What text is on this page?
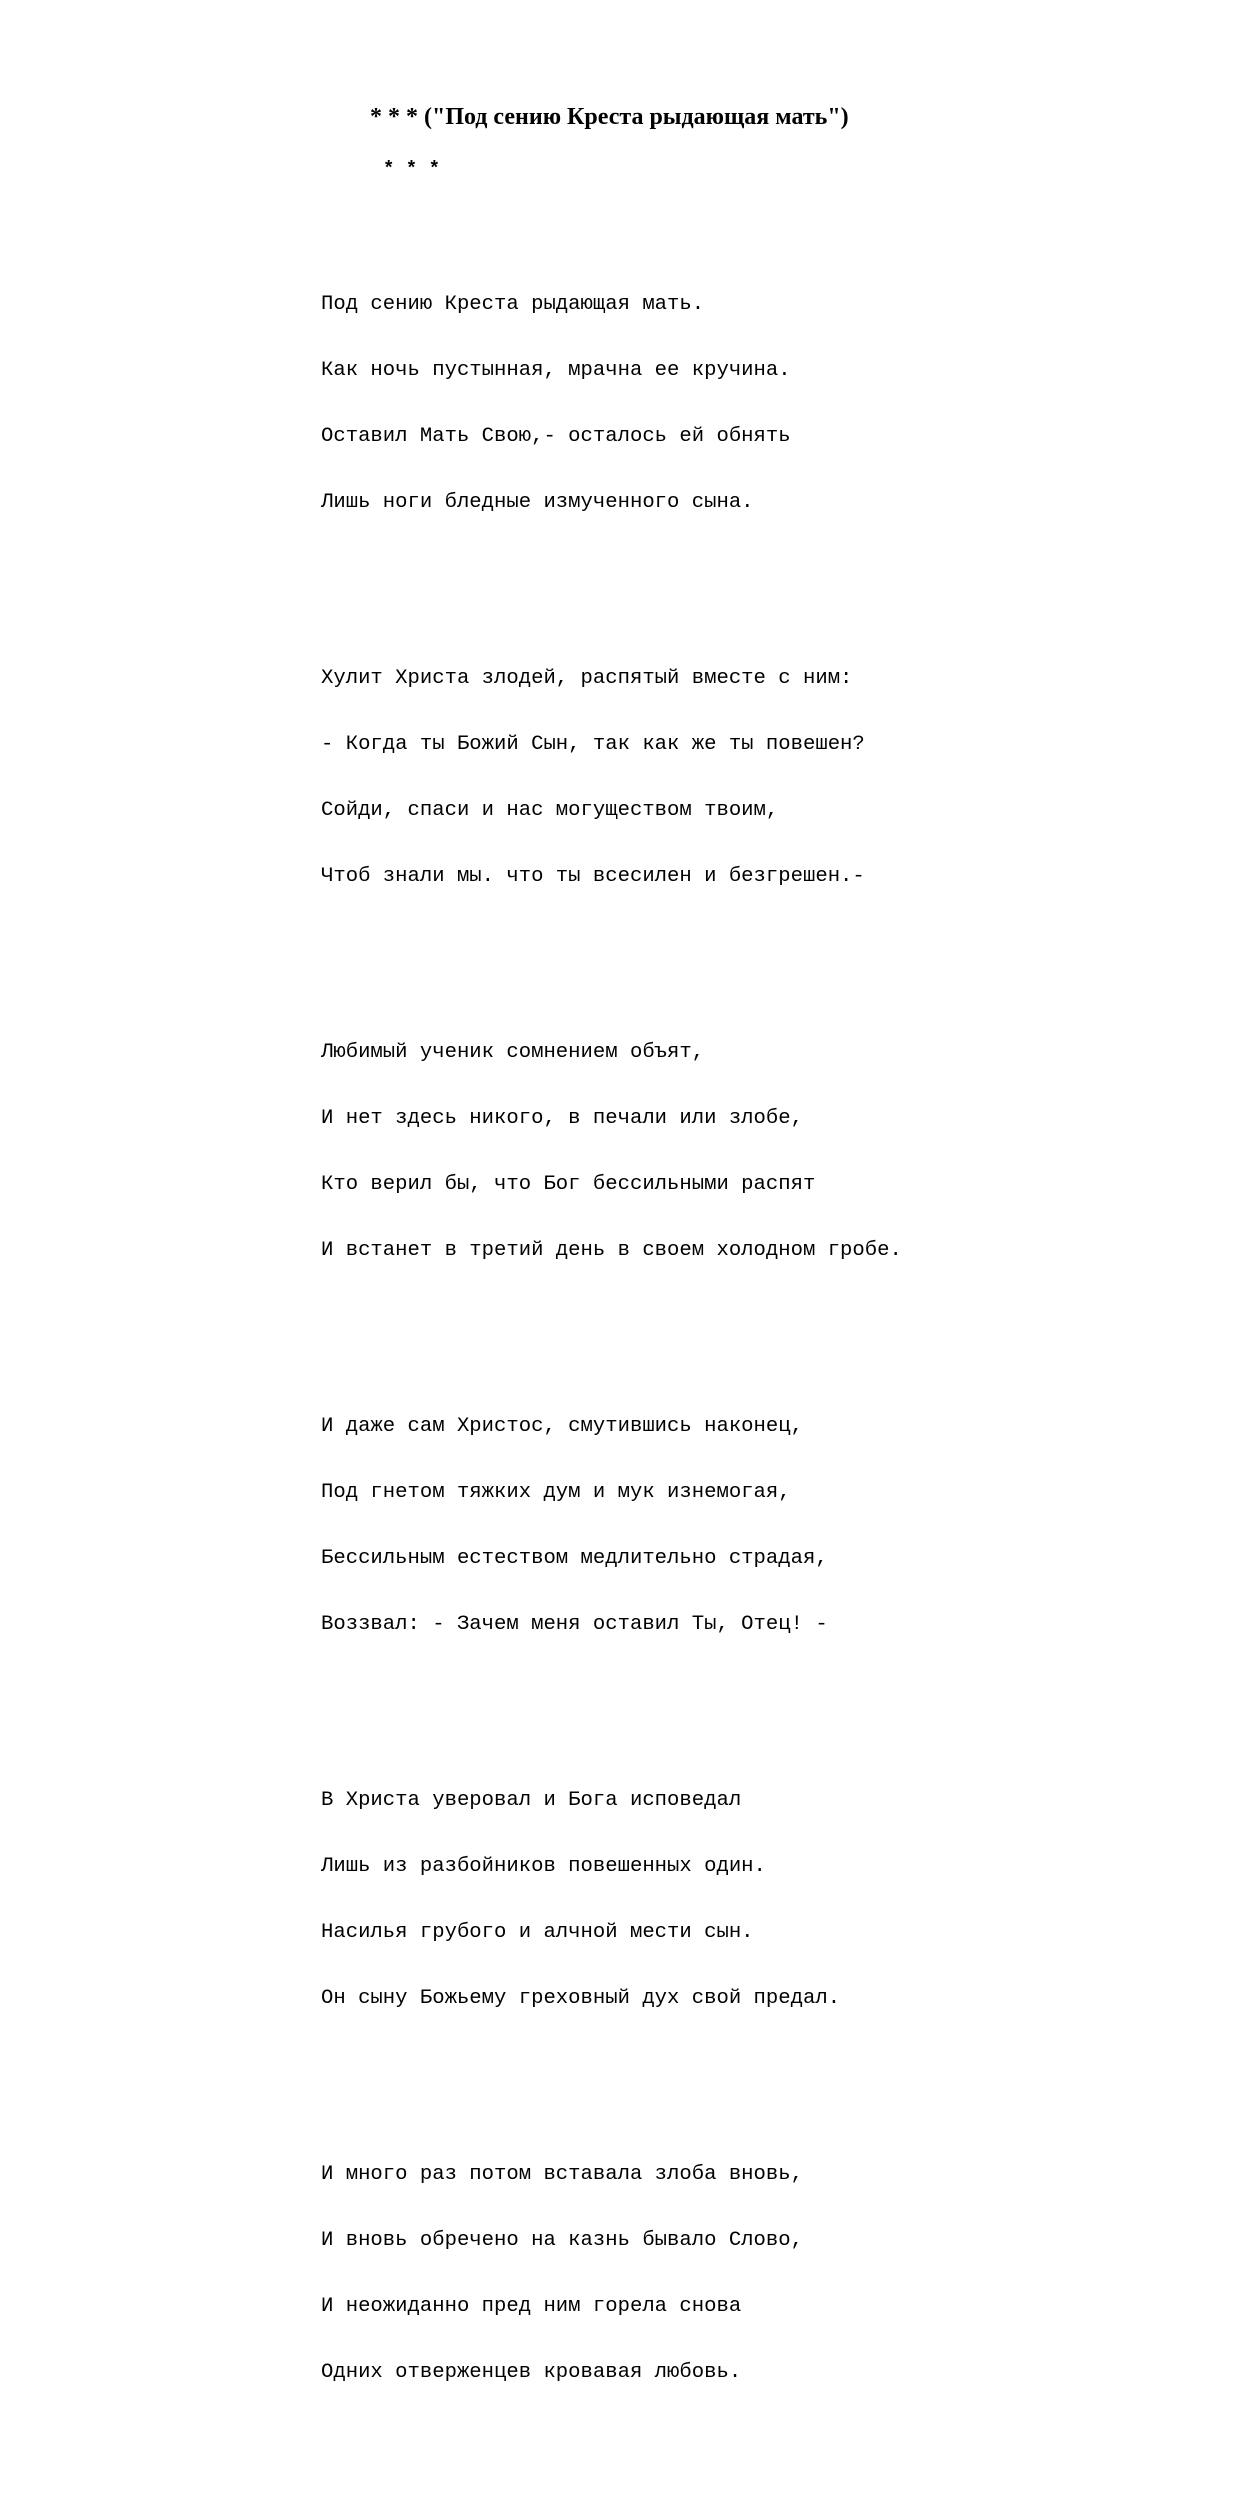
* * * ("Под сению Креста рыдающая мать")
* * *

Под сению Креста рыдающая мать.

Как ночь пустынная, мрачна ее кручина.

Оставил Мать Свою,- осталось ей обнять

Лишь ноги бледные измученного сына.

Хулит Христа злодей, распятый вместе с ним:

- Когда ты Божий Сын, так как же ты повешен?

Сойди, спаси и нас могуществом твоим,

Чтоб знали мы. что ты всесилен и безгрешен.-

Любимый ученик сомнением объят,

И нет здесь никого, в печали или злобе,

Кто верил бы, что Бог бессильными распят

И встанет в третий день в своем холодном гробе.

И даже сам Христос, смутившись наконец,

Под гнетом тяжких дум и мук изнемогая,

Бессильным естеством медлительно страдая,

Воззвал: - Зачем меня оставил Ты, Отец! -

В Христа уверовал и Бога исповедал

Лишь из разбойников повешенных один.

Насилья грубого и алчной мести сын.

Он сыну Божьему греховный дух свой предал.

И много раз потом вставала злоба вновь,

И вновь обречено на казнь бывало Слово,

И неожиданно пред ним горела снова

Одних отверженцев кровавая любовь.
